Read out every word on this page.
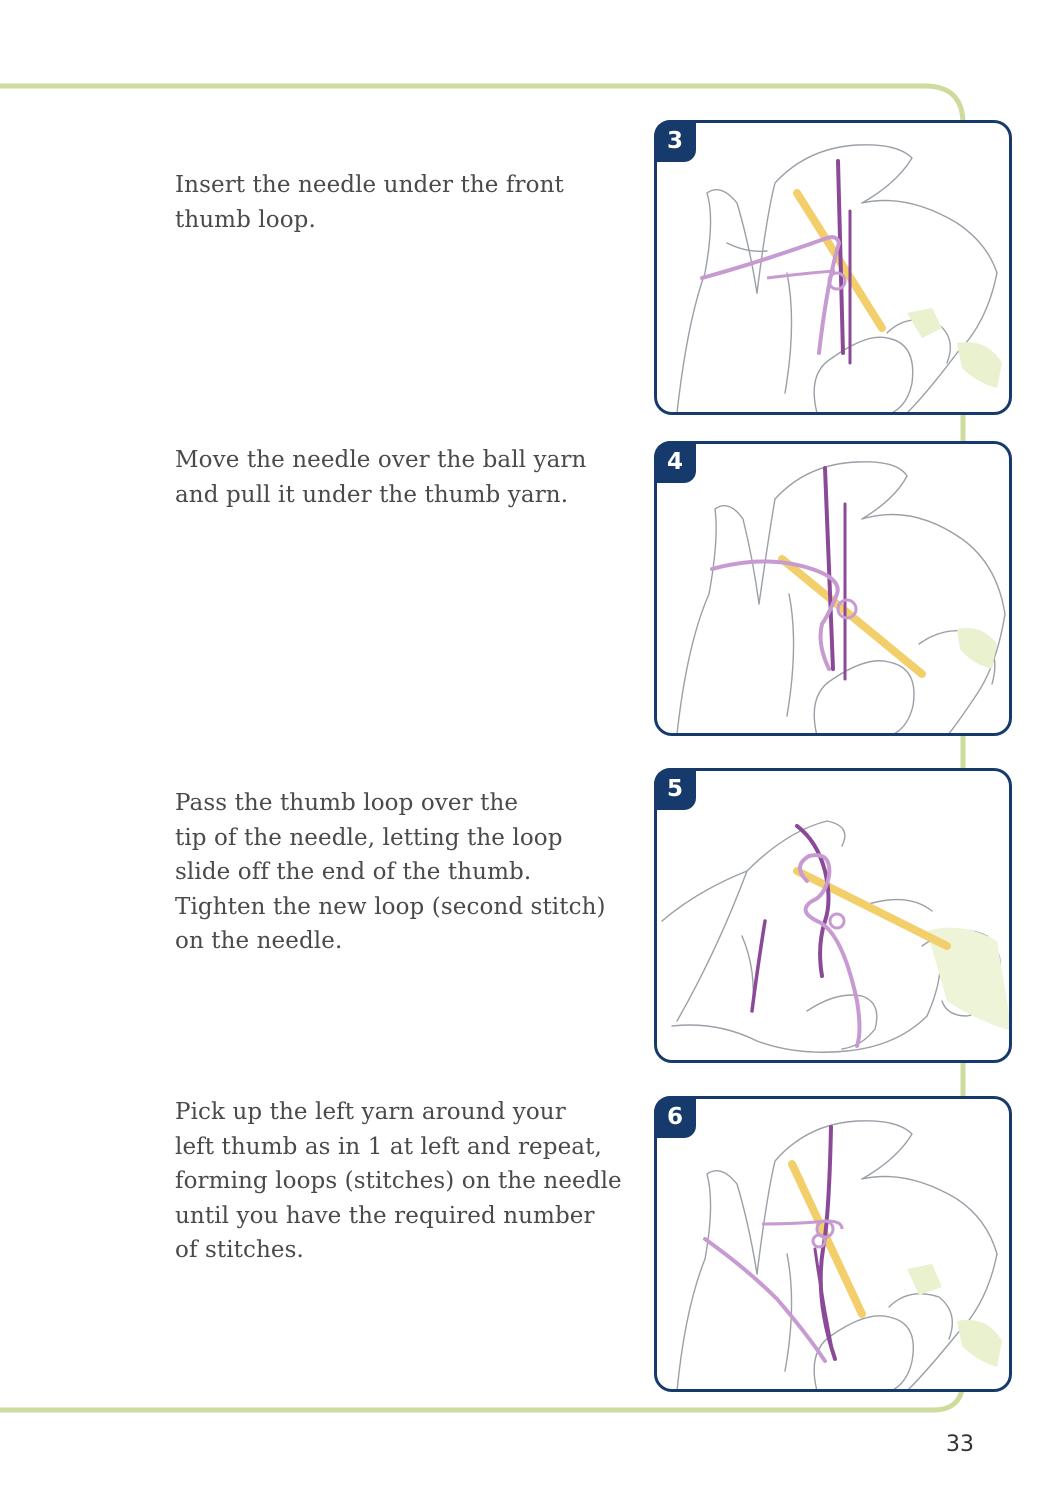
Insert the needle under the front
thumb loop.

3

Move the needle over the ball yarn
and pull it under the thumb yarn.

4

Pass the thumb loop over the
tip of the needle, letting the loop
slide off the end of the thumb.
Tighten the new loop (second stitch)
on the needle.

5

Pick up the left yarn around your
left thumb as in 1 at left and repeat,
forming loops (stitches) on the needle
until you have the required number
of stitches.

6
33
